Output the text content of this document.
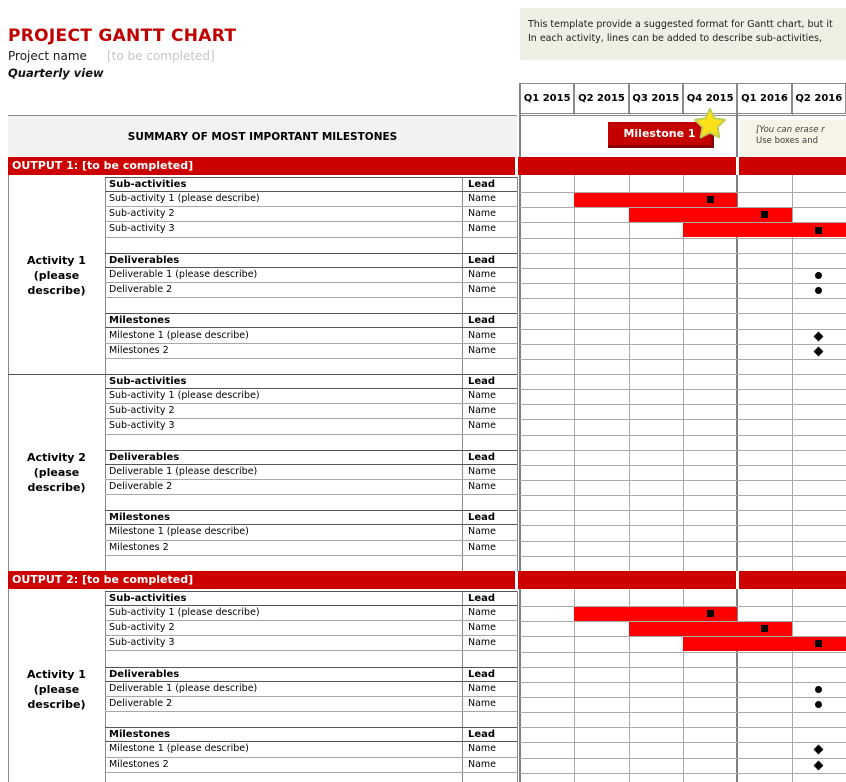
PROJECT GANTT CHART
Project name [to be completed]
Quarterly view
This template provide a suggested format for Gantt chart, but it
In each activity, lines can be added to describe sub-activities,
Q1 2015 Q2 2015 Q3 2015 Q4 2015 Q1 2016 Q2 2016
SUMMARY OF MOST IMPORTANT MILESTONES	Milestone 1	[You can erase r
Use boxes and
OUTPUT 1: [to be completed]
Activity 1 (please describe)
Sub-activities	Lead
Sub-activity 1 (please describe)	Name
Sub-activity 2	Name
Sub-activity 3	Name
Deliverables	Lead
Deliverable 1 (please describe)	Name
Deliverable 2	Name
Milestones	Lead
Milestone 1 (please describe)	Name
Milestones 2	Name
Activity 2 (please describe)
Sub-activities	Lead
Sub-activity 1 (please describe)	Name
Sub-activity 2	Name
Sub-activity 3	Name
Deliverables	Lead
Deliverable 1 (please describe)	Name
Deliverable 2	Name
Milestones	Lead
Milestone 1 (please describe)	Name
Milestones 2	Name
OUTPUT 2: [to be completed]
Activity 1 (please describe)
Sub-activities	Lead
Sub-activity 1 (please describe)	Name
Sub-activity 2	Name
Sub-activity 3	Name
Deliverables	Lead
Deliverable 1 (please describe)	Name
Deliverable 2	Name
Milestones	Lead
Milestone 1 (please describe)	Name
Milestones 2	Name
